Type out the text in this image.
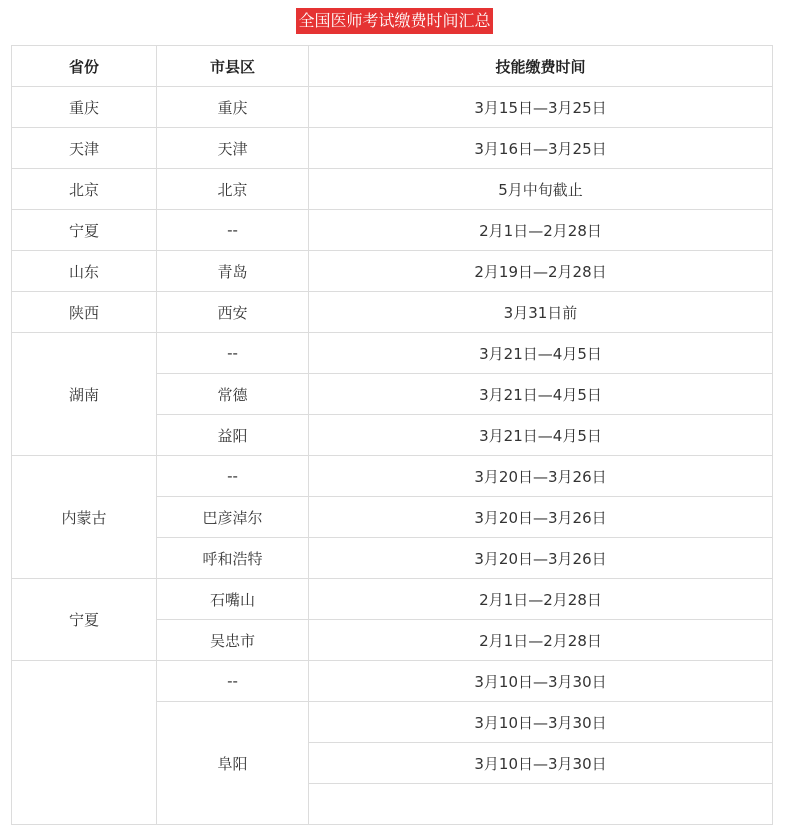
全国医师考试缴费时间汇总
省份	市县区	技能缴费时间
重庆	重庆	3月15日—3月25日
天津	天津	3月16日—3月25日
北京	北京	5月中旬截止
宁夏	--	2月1日—2月28日
山东	青岛	2月19日—2月28日
陕西	西安	3月31日前
湖南	--	3月21日—4月5日
	常德	3月21日—4月5日
	益阳	3月21日—4月5日
内蒙古	--	3月20日—3月26日
	巴彦淖尔	3月20日—3月26日
	呼和浩特	3月20日—3月26日
宁夏	石嘴山	2月1日—2月28日
	吴忠市	2月1日—2月28日
	--	3月10日—3月30日
	阜阳	3月10日—3月30日
		3月10日—3月30日
